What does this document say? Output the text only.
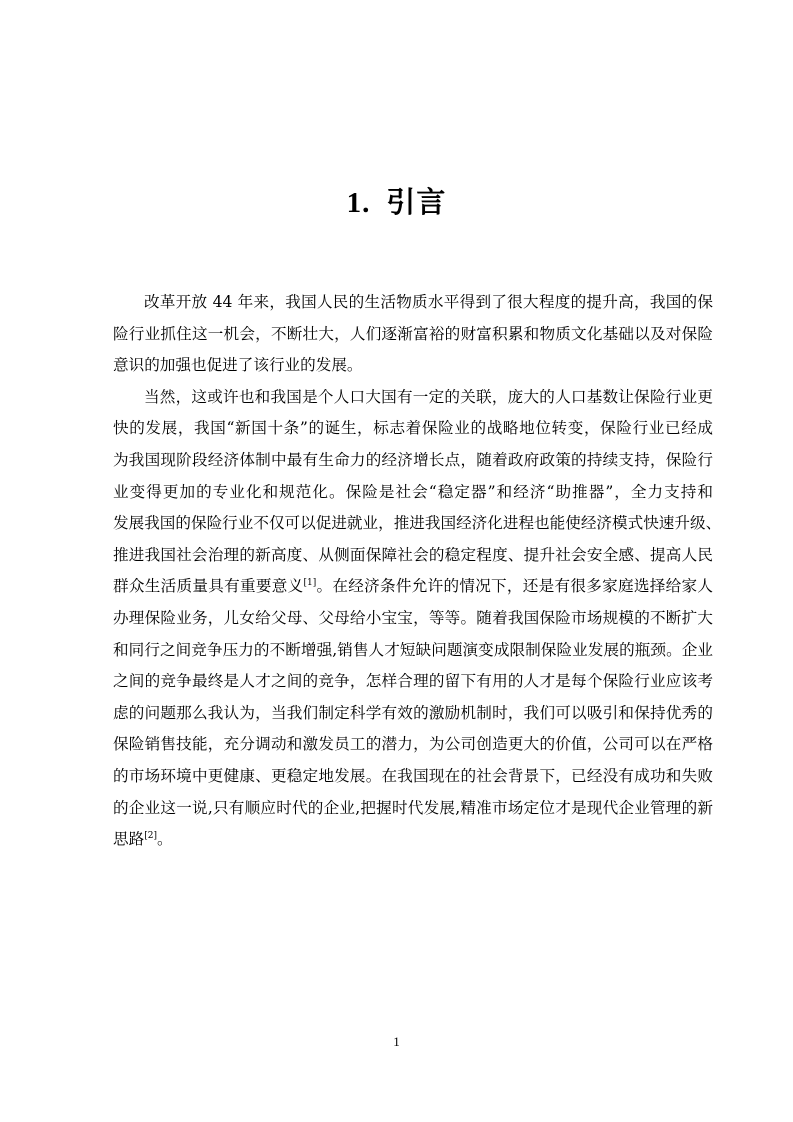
1. 引言

改革开放 44 年来，我国人民的生活物质水平得到了很大程度的提升高，我国的保
险行业抓住这一机会，不断壮大，人们逐渐富裕的财富积累和物质文化基础以及对保险
意识的加强也促进了该行业的发展。

当然，这或许也和我国是个人口大国有一定的关联，庞大的人口基数让保险行业更
快的发展，我国“新国十条”的诞生，标志着保险业的战略地位转变，保险行业已经成
为我国现阶段经济体制中最有生命力的经济增长点，随着政府政策的持续支持，保险行
业变得更加的专业化和规范化。保险是社会“稳定器”和经济“助推器”，全力支持和
发展我国的保险行业不仅可以促进就业，推进我国经济化进程也能使经济模式快速升级、
推进我国社会治理的新高度、从侧面保障社会的稳定程度、提升社会安全感、提高人民
群众生活质量具有重要意义[1]。在经济条件允许的情况下，还是有很多家庭选择给家人
办理保险业务，儿女给父母、父母给小宝宝，等等。随着我国保险市场规模的不断扩大
和同行之间竞争压力的不断增强,销售人才短缺问题演变成限制保险业发展的瓶颈。企业
之间的竞争最终是人才之间的竞争，怎样合理的留下有用的人才是每个保险行业应该考
虑的问题那么我认为，当我们制定科学有效的激励机制时，我们可以吸引和保持优秀的
保险销售技能，充分调动和激发员工的潜力，为公司创造更大的价值，公司可以在严格
的市场环境中更健康、更稳定地发展。在我国现在的社会背景下，已经没有成功和失败
的企业这一说,只有顺应时代的企业,把握时代发展,精准市场定位才是现代企业管理的新
思路[2]。

1
